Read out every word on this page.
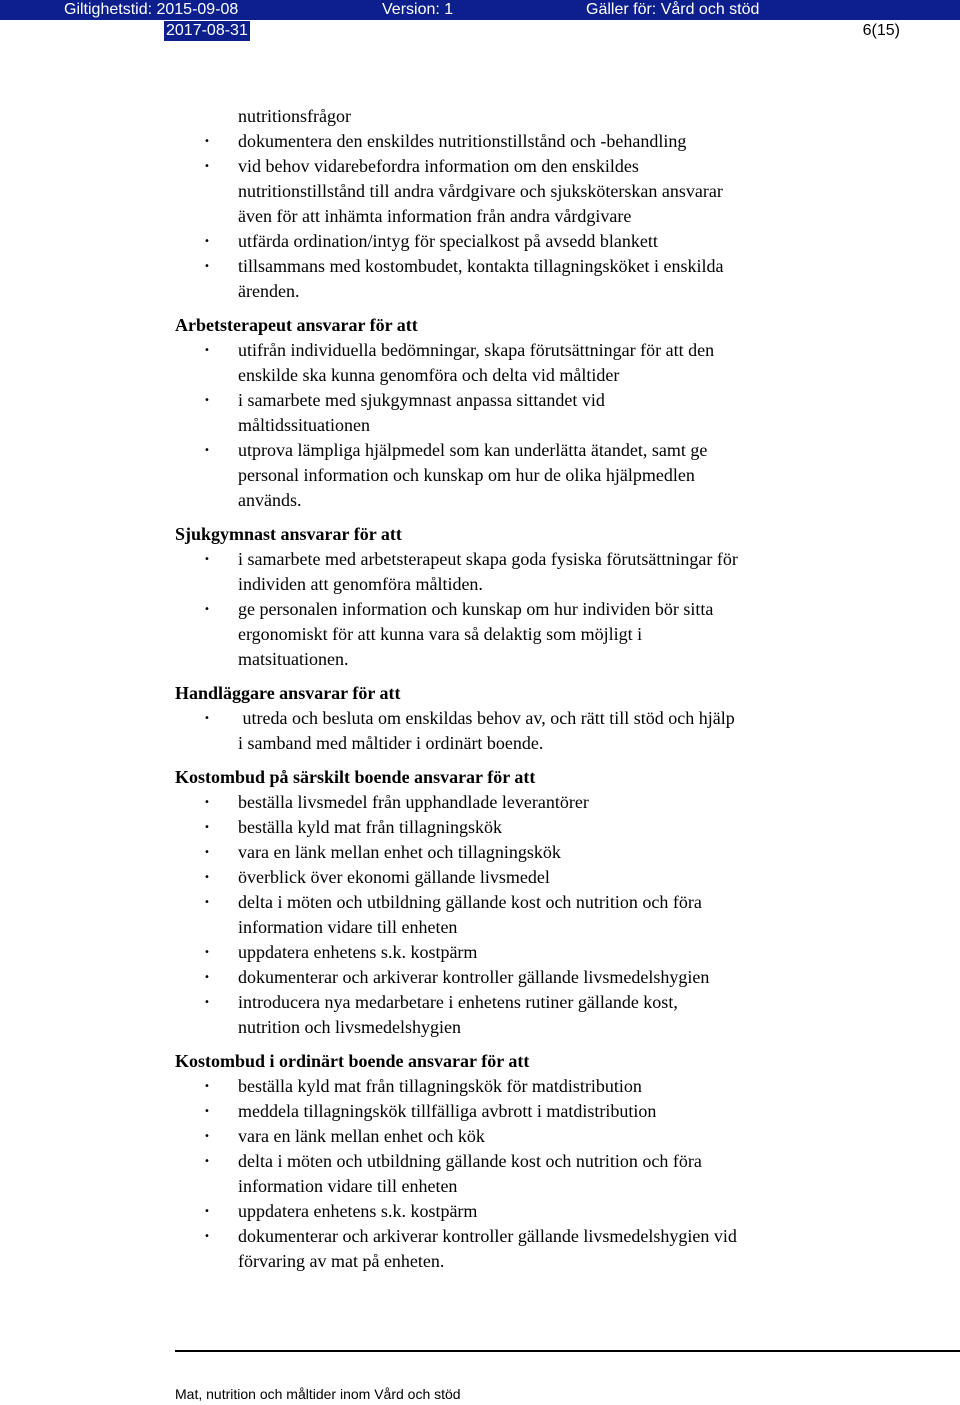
Giltighetstid: 2015-09-08	Version: 1	Gäller för: Vård och stöd
2017-08-31	6(15)

nutritionsfrågor

• dokumentera den enskildes nutritionstillstånd och -behandling
• vid behov vidarebefordra information om den enskildes
nutritionstillstånd till andra vårdgivare och sjuksköterskan ansvarar
även för att inhämta information från andra vårdgivare
• utfärda ordination/intyg för specialkost på avsedd blankett
• tillsammans med kostombudet, kontakta tillagningsköket i enskilda
ärenden.

Arbetsterapeut ansvarar för att

• utifrån individuella bedömningar, skapa förutsättningar för att den
enskilde ska kunna genomföra och delta vid måltider
• i samarbete med sjukgymnast anpassa sittandet vid
måltidssituationen
• utprova lämpliga hjälpmedel som kan underlätta ätandet, samt ge
personal information och kunskap om hur de olika hjälpmedlen
används.

Sjukgymnast ansvarar för att

• i samarbete med arbetsterapeut skapa goda fysiska förutsättningar för
individen att genomföra måltiden.
• ge personalen information och kunskap om hur individen bör sitta
ergonomiskt för att kunna vara så delaktig som möjligt i
matsituationen.

Handläggare ansvarar för att

• utreda och besluta om enskildas behov av, och rätt till stöd och hjälp
i samband med måltider i ordinärt boende.

Kostombud på särskilt boende ansvarar för att

• beställa livsmedel från upphandlade leverantörer
• beställa kyld mat från tillagningskök
• vara en länk mellan enhet och tillagningskök
• överblick över ekonomi gällande livsmedel
• delta i möten och utbildning gällande kost och nutrition och föra
information vidare till enheten
• uppdatera enhetens s.k. kostpärm
• dokumenterar och arkiverar kontroller gällande livsmedelshygien
• introducera nya medarbetare i enhetens rutiner gällande kost,
nutrition och livsmedelshygien

Kostombud i ordinärt boende ansvarar för att

• beställa kyld mat från tillagningskök för matdistribution
• meddela tillagningskök tillfälliga avbrott i matdistribution
• vara en länk mellan enhet och kök
• delta i möten och utbildning gällande kost och nutrition och föra
information vidare till enheten
• uppdatera enhetens s.k. kostpärm
• dokumenterar och arkiverar kontroller gällande livsmedelshygien vid
förvaring av mat på enheten.
Mat, nutrition och måltider inom Vård och stöd
